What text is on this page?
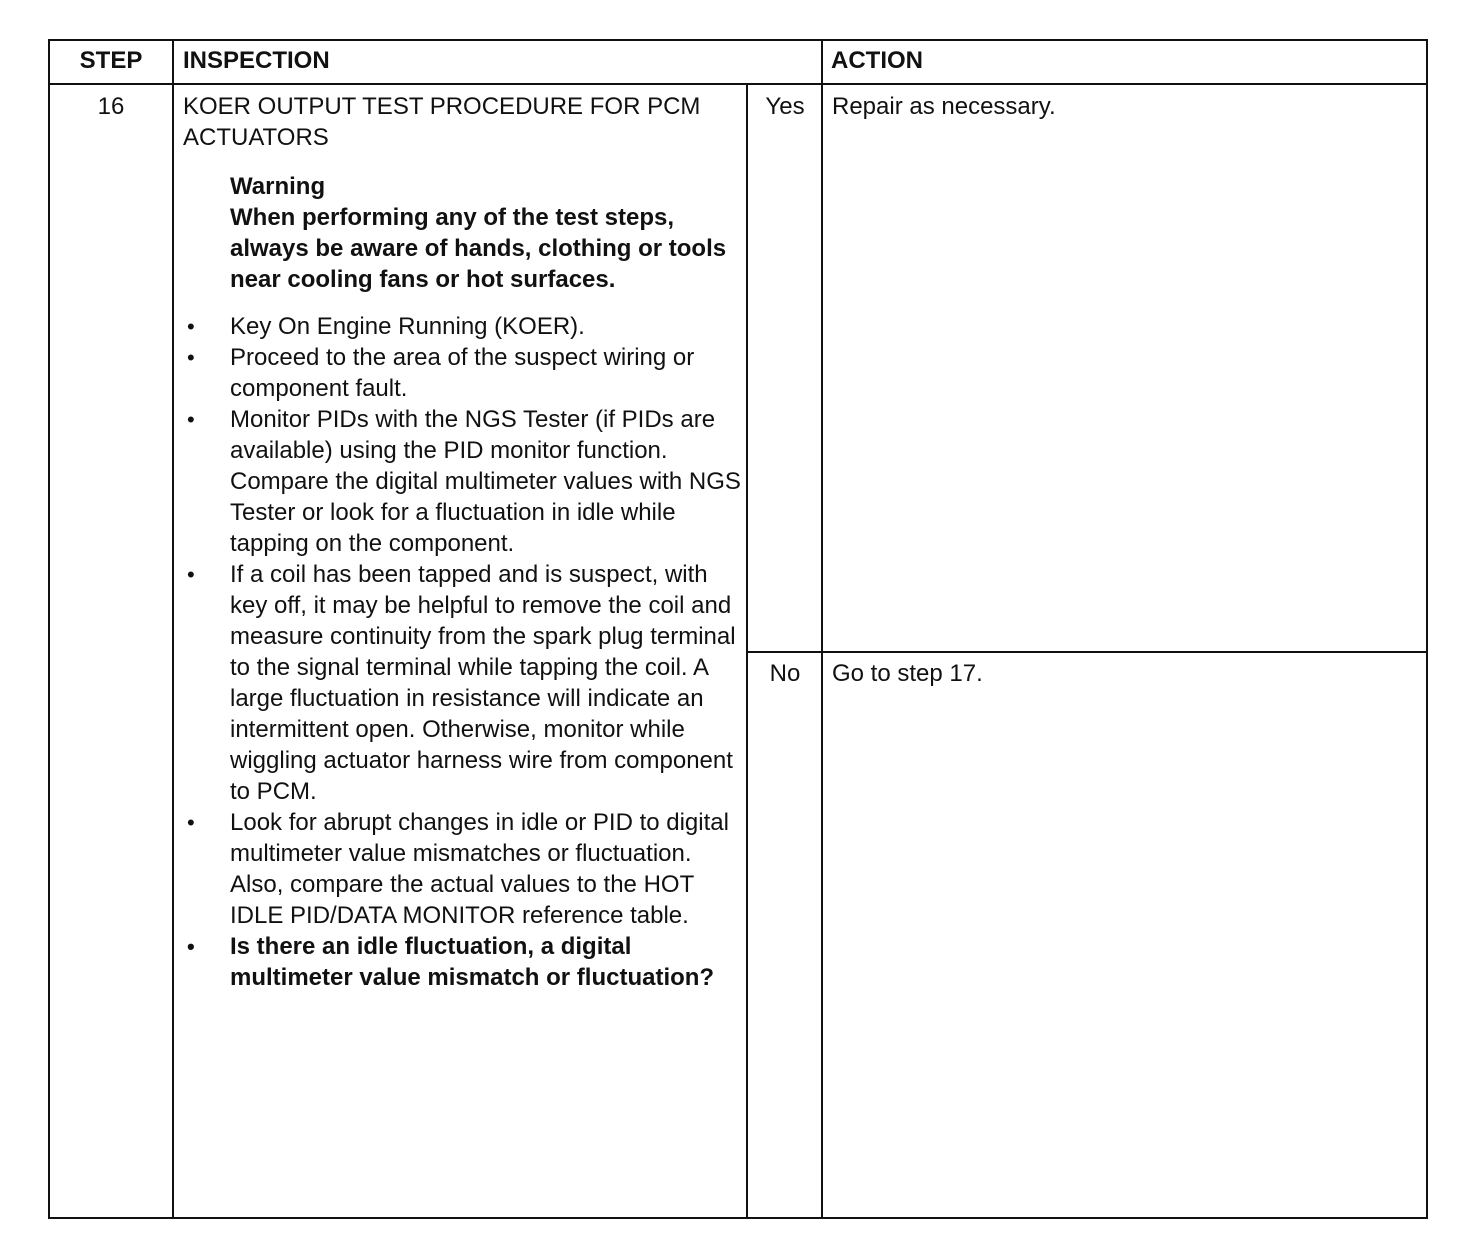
STEP	INSPECTION	ACTION
16	KOER OUTPUT TEST PROCEDURE FOR PCM ACTUATORS
Warning
When performing any of the test steps, always be aware of hands, clothing or tools near cooling fans or hot surfaces.
• Key On Engine Running (KOER).
• Proceed to the area of the suspect wiring or component fault.
• Monitor PIDs with the NGS Tester (if PIDs are available) using the PID monitor function. Compare the digital multimeter values with NGS Tester or look for a fluctuation in idle while tapping on the component.
• If a coil has been tapped and is suspect, with key off, it may be helpful to remove the coil and measure continuity from the spark plug terminal to the signal terminal while tapping the coil. A large fluctuation in resistance will indicate an intermittent open. Otherwise, monitor while wiggling actuator harness wire from component to PCM.
• Look for abrupt changes in idle or PID to digital multimeter value mismatches or fluctuation. Also, compare the actual values to the HOT IDLE PID/DATA MONITOR reference table.
• Is there an idle fluctuation, a digital multimeter value mismatch or fluctuation?
Yes	Repair as necessary.
No	Go to step 17.
